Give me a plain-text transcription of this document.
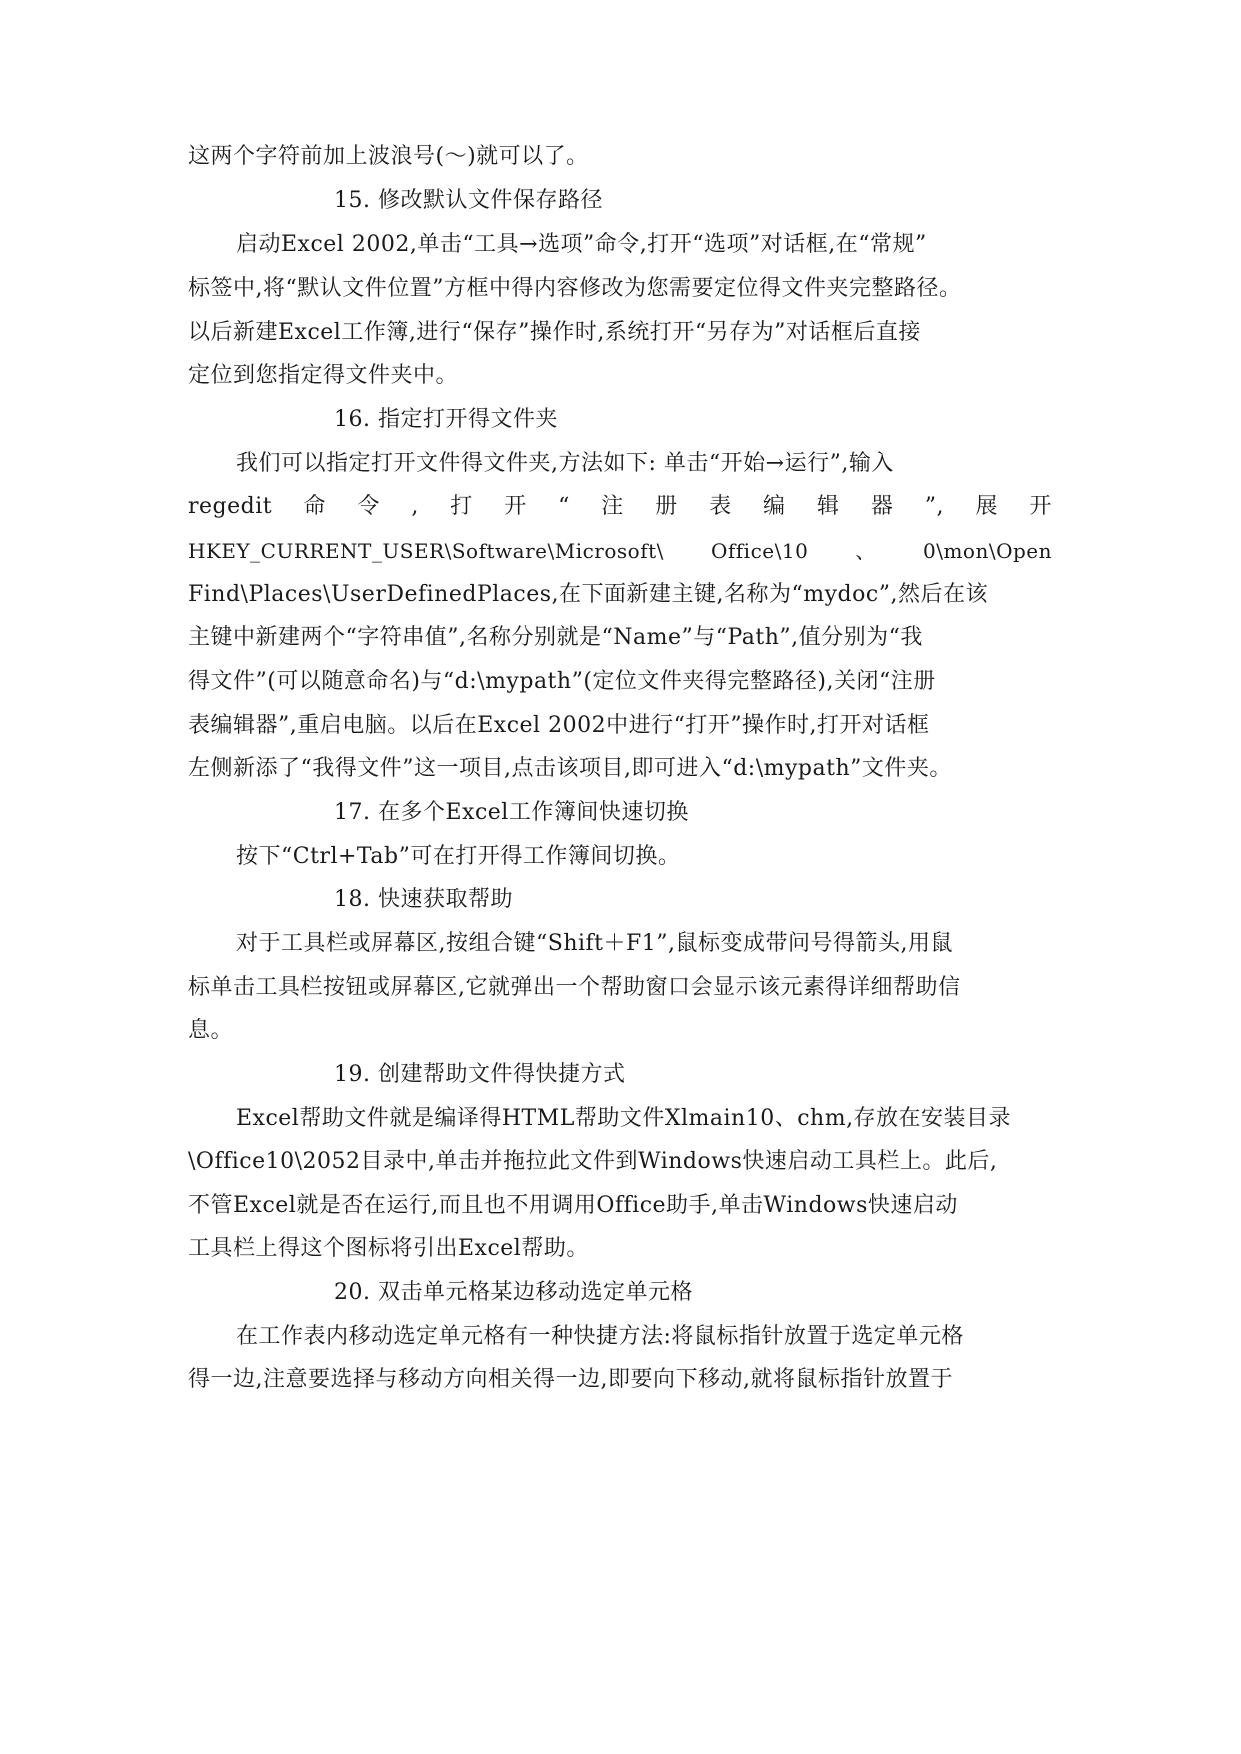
这两个字符前加上波浪号(～)就可以了。
15. 修改默认文件保存路径
启动Excel 2002,单击“工具→选项”命令,打开“选项”对话框,在“常规”
标签中,将“默认文件位置”方框中得内容修改为您需要定位得文件夹完整路径。
以后新建Excel工作簿,进行“保存”操作时,系统打开“另存为”对话框后直接
定位到您指定得文件夹中。
16. 指定打开得文件夹
我们可以指定打开文件得文件夹,方法如下: 单击“开始→运行”,输入
regedit 命 令 , 打 开 “ 注 册 表 编 辑 器 ”, 展 开
HKEY_CURRENT_USER\Software\Microsoft\ Office\10 、 0\mon\Open
Find\Places\UserDefinedPlaces,在下面新建主键,名称为“mydoc”,然后在该
主键中新建两个“字符串值”,名称分别就是“Name”与“Path”,值分别为“我
得文件”(可以随意命名)与“d:\mypath”(定位文件夹得完整路径),关闭“注册
表编辑器”,重启电脑。以后在Excel 2002中进行“打开”操作时,打开对话框
左侧新添了“我得文件”这一项目,点击该项目,即可进入“d:\mypath”文件夹。
17. 在多个Excel工作簿间快速切换
按下“Ctrl+Tab”可在打开得工作簿间切换。
18. 快速获取帮助
对于工具栏或屏幕区,按组合键“Shift＋F1”,鼠标变成带问号得箭头,用鼠
标单击工具栏按钮或屏幕区,它就弹出一个帮助窗口会显示该元素得详细帮助信
息。
19. 创建帮助文件得快捷方式
Excel帮助文件就是编译得HTML帮助文件Xlmain10、chm,存放在安装目录
\Office10\2052目录中,单击并拖拉此文件到Windows快速启动工具栏上。此后,
不管Excel就是否在运行,而且也不用调用Office助手,单击Windows快速启动
工具栏上得这个图标将引出Excel帮助。
20. 双击单元格某边移动选定单元格
在工作表内移动选定单元格有一种快捷方法:将鼠标指针放置于选定单元格
得一边,注意要选择与移动方向相关得一边,即要向下移动,就将鼠标指针放置于
